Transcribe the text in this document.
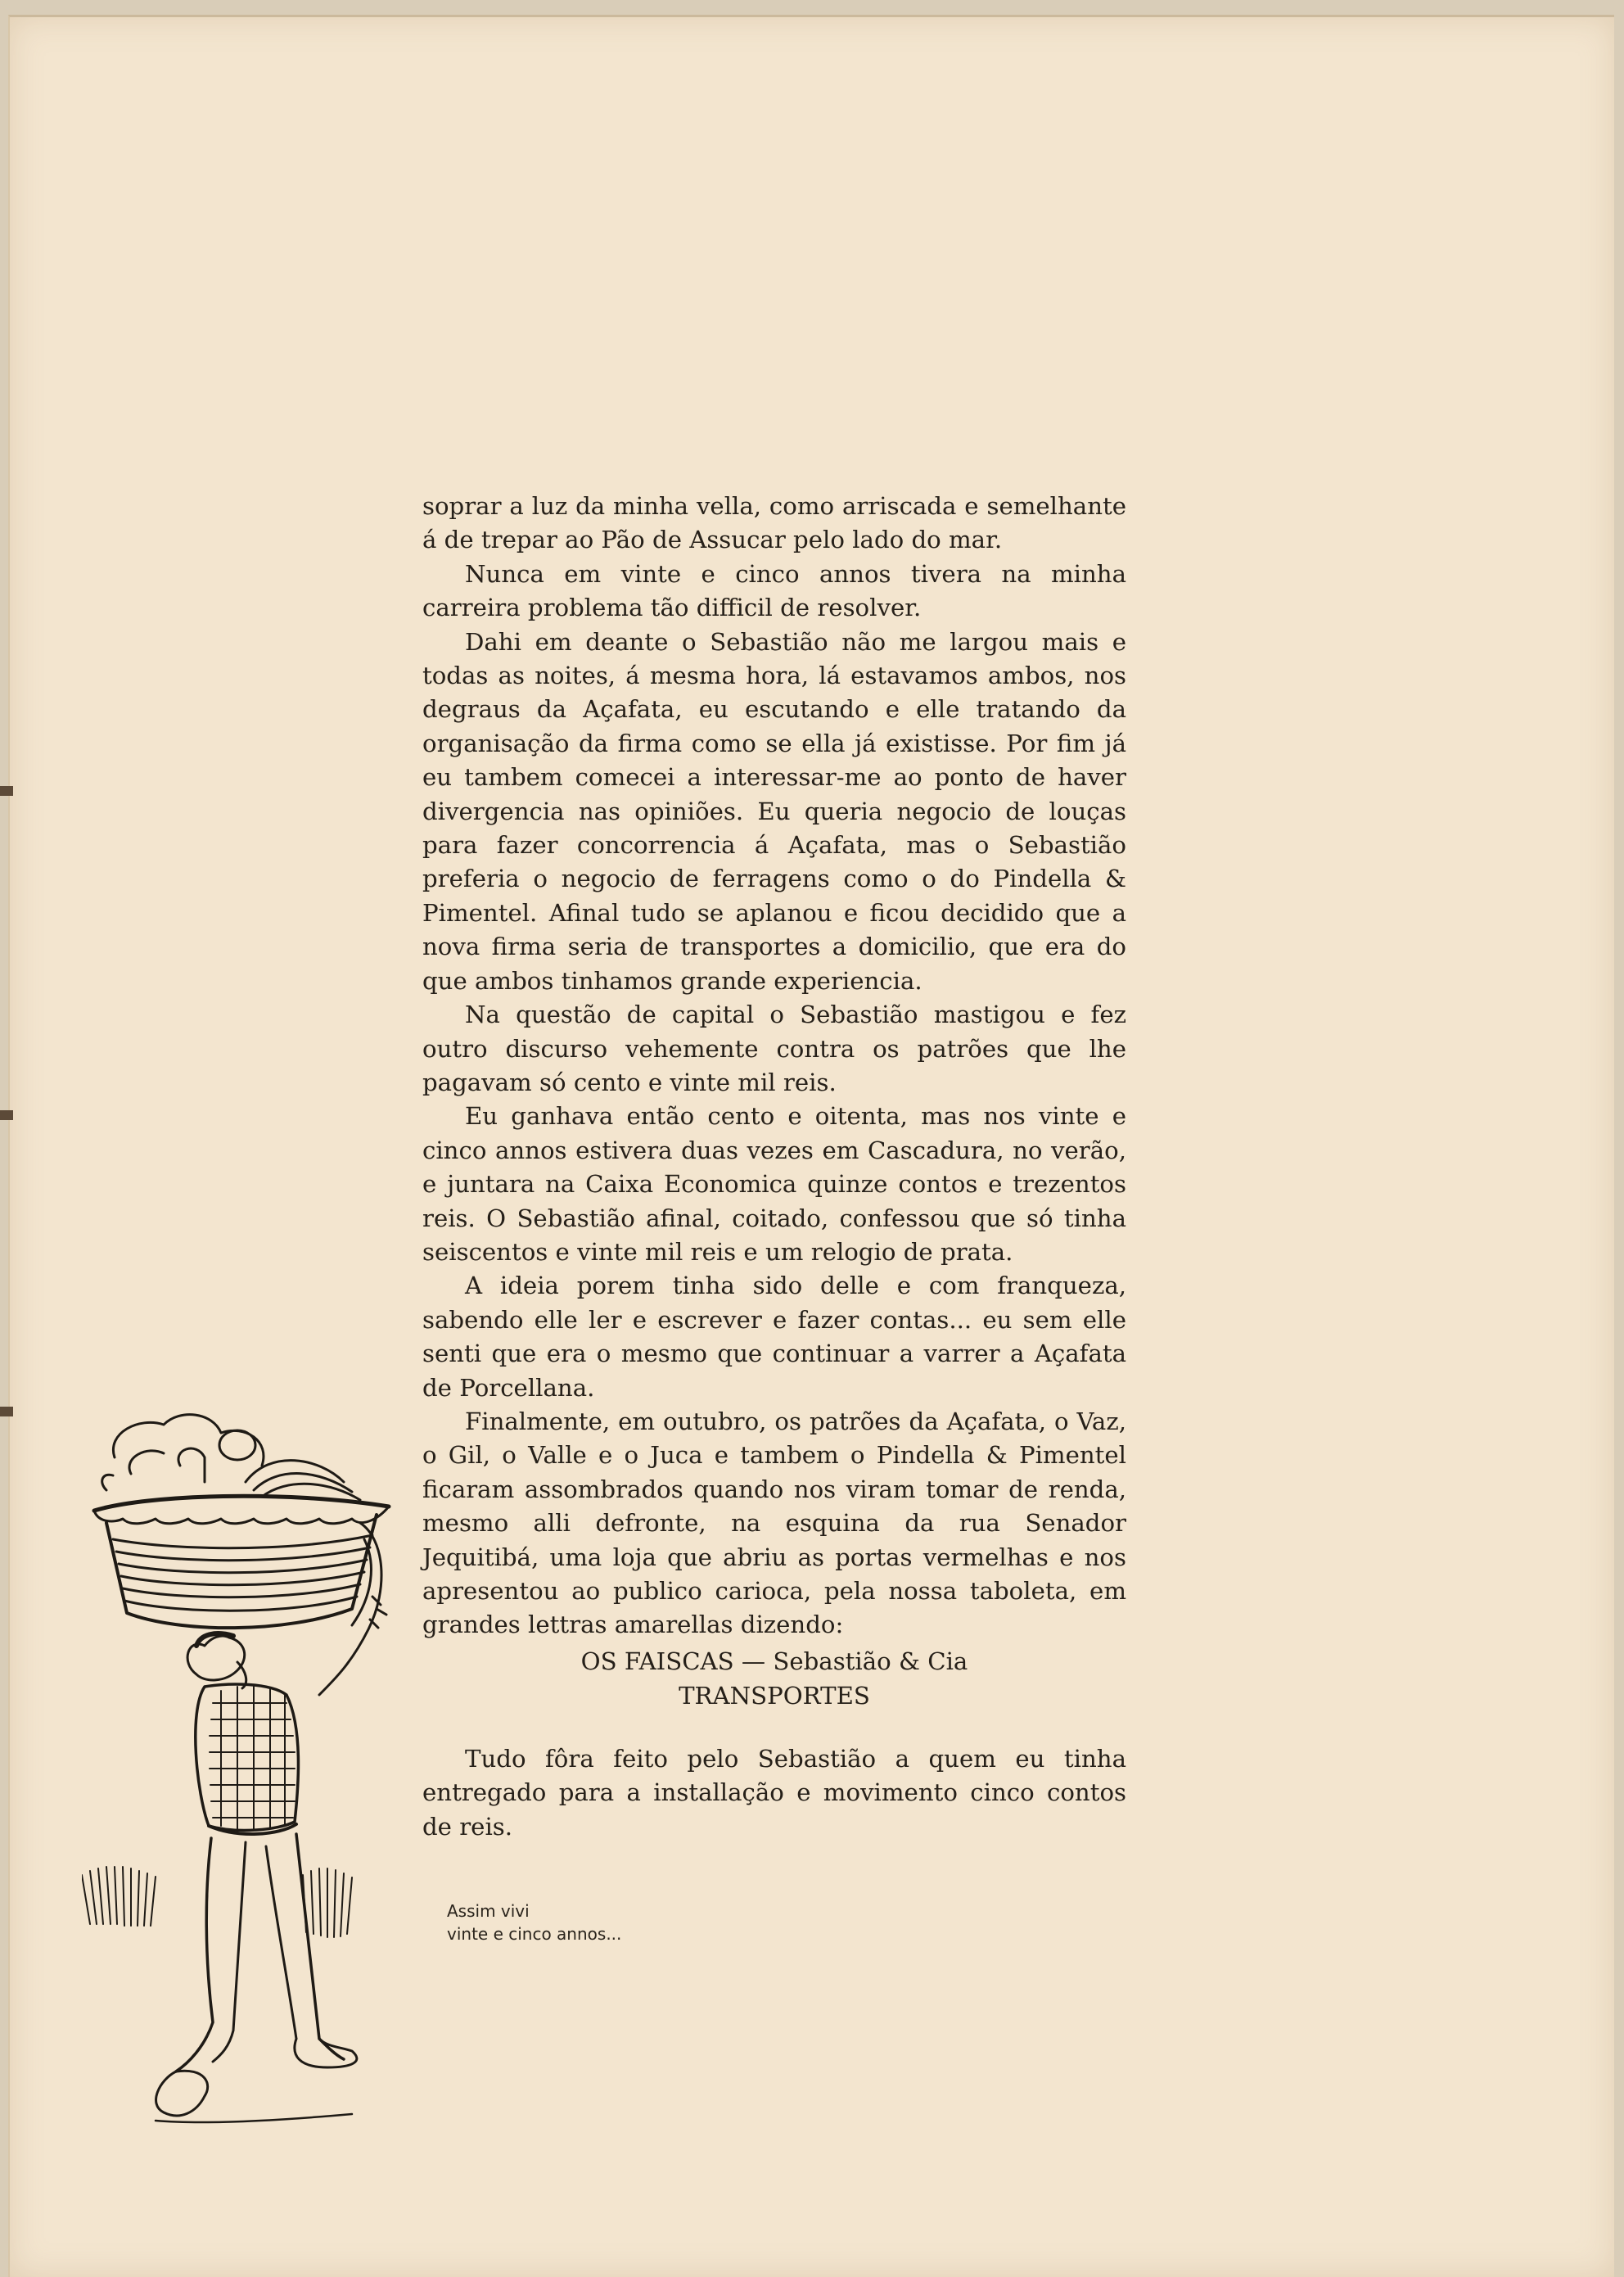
soprar a luz da minha vella, como arriscada e semelhante á de trepar ao Pão de Assucar pelo lado do mar.

Nunca em vinte e cinco annos tivera na minha carreira problema tão difficil de resolver.

Dahi em deante o Sebastião não me largou mais e todas as noites, á mesma hora, lá estavamos ambos, nos degraus da Açafata, eu escutando e elle tratando da organisação da firma como se ella já existisse. Por fim já eu tambem comecei a interessar-me ao ponto de haver divergencia nas opiniões. Eu queria negocio de louças para fazer concorrencia á Açafata, mas o Sebastião preferia o negocio de ferragens como o do Pindella & Pimentel. Afinal tudo se aplanou e ficou decidido que a nova firma seria de transportes a domicilio, que era do que ambos tinhamos grande experiencia.

Na questão de capital o Sebastião mastigou e fez outro discurso vehemente contra os patrões que lhe pagavam só cento e vinte mil reis.

Eu ganhava então cento e oitenta, mas nos vinte e cinco annos estivera duas vezes em Cascadura, no verão, e juntara na Caixa Economica quinze contos e trezentos reis. O Sebastião afinal, coitado, confessou que só tinha seiscentos e vinte mil reis e um relogio de prata.

A ideia porem tinha sido delle e com franqueza, sabendo elle ler e escrever e fazer contas... eu sem elle senti que era o mesmo que continuar a varrer a Açafata de Porcellana.

Finalmente, em outubro, os patrões da Açafata, o Vaz, o Gil, o Valle e o Juca e tambem o Pindella & Pimentel ficaram assombrados quando nos viram tomar de renda, mesmo alli defronte, na esquina da rua Senador Jequitibá, uma loja que abriu as portas vermelhas e nos apresentou ao publico carioca, pela nossa taboleta, em grandes lettras amarellas dizendo:

OS FAISCAS — Sebastião & Cia
TRANSPORTES

Tudo fôra feito pelo Sebastião a quem eu tinha entregado para a installação e movimento cinco contos de reis.

Assim vivi
vinte e cinco annos...
